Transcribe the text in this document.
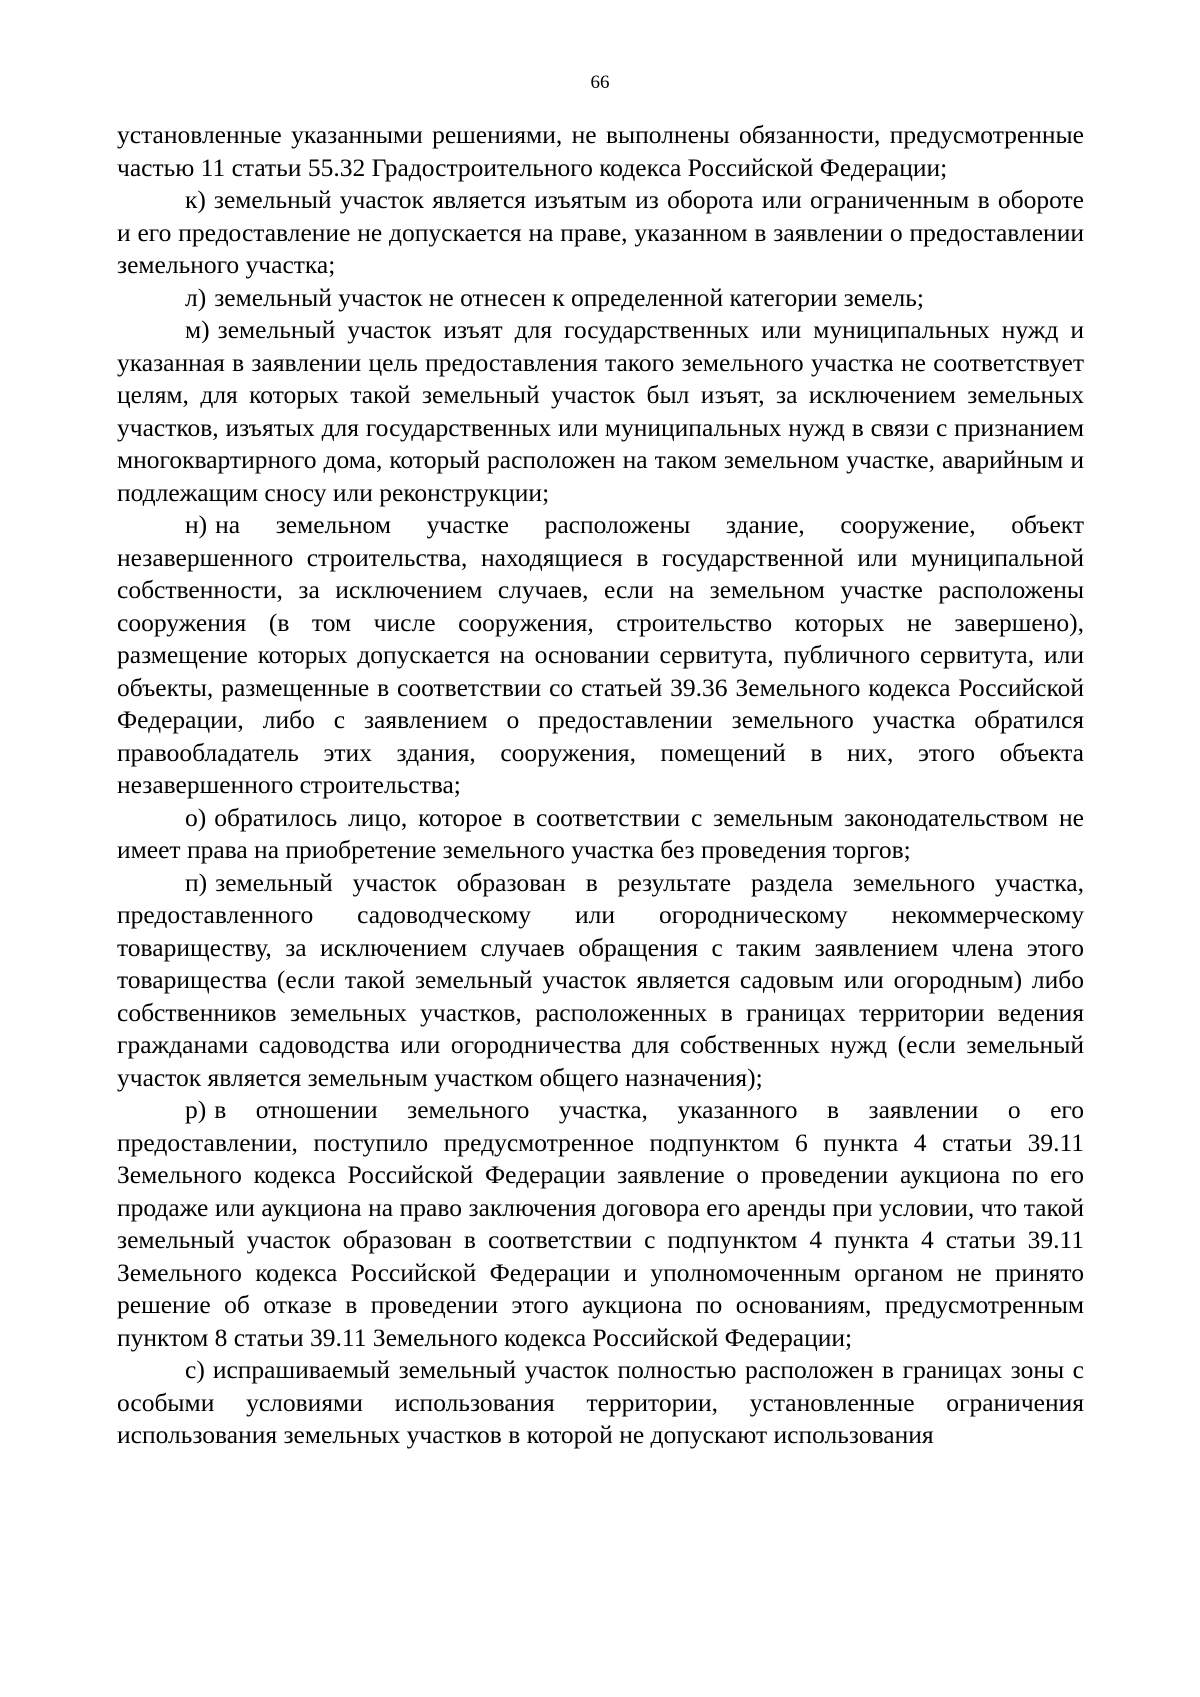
66

установленные указанными решениями, не выполнены обязанности, предусмотренные частью 11 статьи 55.32 Градостроительного кодекса Российской Федерации;

к) земельный участок является изъятым из оборота или ограниченным в обороте и его предоставление не допускается на праве, указанном в заявлении о предоставлении земельного участка;

л) земельный участок не отнесен к определенной категории земель;

м) земельный участок изъят для государственных или муниципальных нужд и указанная в заявлении цель предоставления такого земельного участка не соответствует целям, для которых такой земельный участок был изъят, за исключением земельных участков, изъятых для государственных или муниципальных нужд в связи с признанием многоквартирного дома, который расположен на таком земельном участке, аварийным и подлежащим сносу или реконструкции;

н) на земельном участке расположены здание, сооружение, объект незавершенного строительства, находящиеся в государственной или муниципальной собственности, за исключением случаев, если на земельном участке расположены сооружения (в том числе сооружения, строительство которых не завершено), размещение которых допускается на основании сервитута, публичного сервитута, или объекты, размещенные в соответствии со статьей 39.36 Земельного кодекса Российской Федерации, либо с заявлением о предоставлении земельного участка обратился правообладатель этих здания, сооружения, помещений в них, этого объекта незавершенного строительства;

о) обратилось лицо, которое в соответствии с земельным законодательством не имеет права на приобретение земельного участка без проведения торгов;

п) земельный участок образован в результате раздела земельного участка, предоставленного садоводческому или огородническому некоммерческому товариществу, за исключением случаев обращения с таким заявлением члена этого товарищества (если такой земельный участок является садовым или огородным) либо собственников земельных участков, расположенных в границах территории ведения гражданами садоводства или огородничества для собственных нужд (если земельный участок является земельным участком общего назначения);

р) в отношении земельного участка, указанного в заявлении о его предоставлении, поступило предусмотренное подпунктом 6 пункта 4 статьи 39.11 Земельного кодекса Российской Федерации заявление о проведении аукциона по его продаже или аукциона на право заключения договора его аренды при условии, что такой земельный участок образован в соответствии с подпунктом 4 пункта 4 статьи 39.11 Земельного кодекса Российской Федерации и уполномоченным органом не принято решение об отказе в проведении этого аукциона по основаниям, предусмотренным пунктом 8 статьи 39.11 Земельного кодекса Российской Федерации;

с) испрашиваемый земельный участок полностью расположен в границах зоны с особыми условиями использования территории, установленные ограничения использования земельных участков в которой не допускают использования
